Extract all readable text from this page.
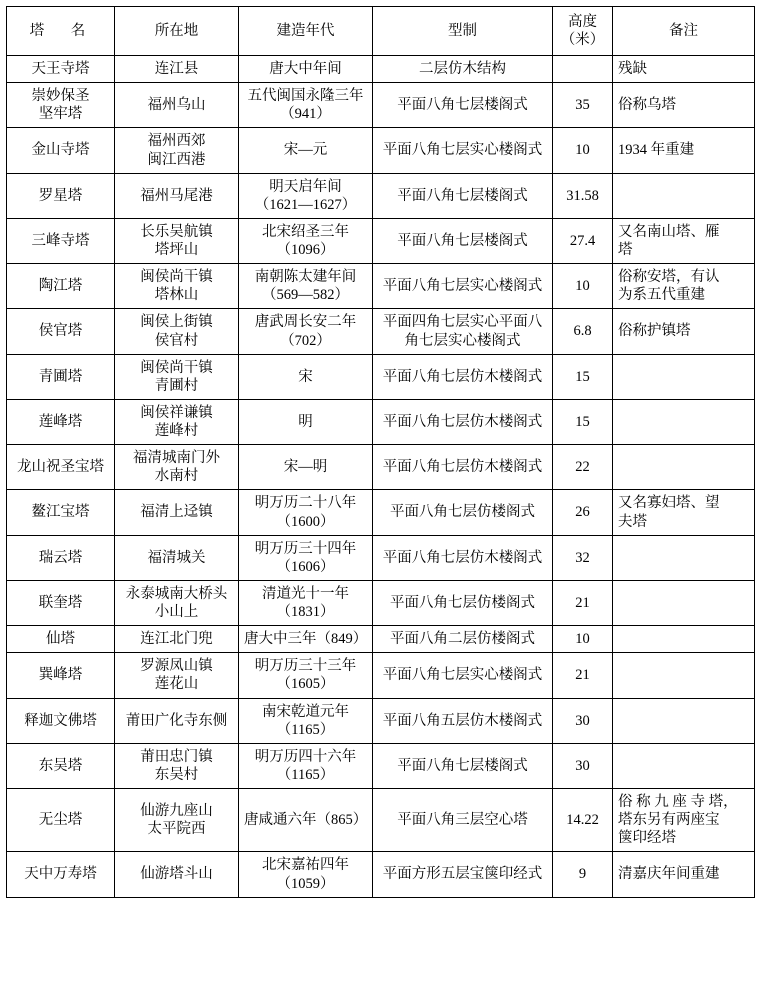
塔　名	所在地	建造年代	型制	高度
（米）	备注

天王寺塔	连江县	唐大中年间	二层仿木结构		残缺

崇妙保圣
坚牢塔	福州乌山	五代闽国永隆三年
（941）	平面八角七层楼阁式	35	俗称乌塔

金山寺塔	福州西郊
闽江西港	宋—元	平面八角七层实心楼阁式	10	1934 年重建

罗星塔	福州马尾港	明天启年间
（1621—1627）	平面八角七层楼阁式	31.58	

三峰寺塔	长乐吴航镇
塔坪山	北宋绍圣三年
（1096）	平面八角七层楼阁式	27.4	又名南山塔、雁
塔

陶江塔	闽侯尚干镇
塔林山	南朝陈太建年间
（569—582）	平面八角七层实心楼阁式	10	俗称安塔，有认
为系五代重建

侯官塔	闽侯上街镇
侯官村	唐武周长安二年
（702）	平面四角七层实心平面八
角七层实心楼阁式	6.8	俗称护镇塔

青圃塔	闽侯尚干镇
青圃村	宋	平面八角七层仿木楼阁式	15	

莲峰塔	闽侯祥谦镇
莲峰村	明	平面八角七层仿木楼阁式	15	

龙山祝圣宝塔	福清城南门外
水南村	宋—明	平面八角七层仿木楼阁式	22	

鳌江宝塔	福清上迳镇	明万历二十八年
（1600）	平面八角七层仿楼阁式	26	又名寡妇塔、望
夫塔

瑞云塔	福清城关	明万历三十四年
（1606）	平面八角七层仿木楼阁式	32	

联奎塔	永泰城南大桥头
小山上	清道光十一年
（1831）	平面八角七层仿楼阁式	21	

仙塔	连江北门兜	唐大中三年（849）	平面八角二层仿楼阁式	10	

巽峰塔	罗源凤山镇
莲花山	明万历三十三年
（1605）	平面八角七层实心楼阁式	21	

释迦文佛塔	莆田广化寺东侧	南宋乾道元年
（1165）	平面八角五层仿木楼阁式	30	

东吴塔	莆田忠门镇
东吴村	明万历四十六年
（1165）	平面八角七层楼阁式	30	

无尘塔	仙游九座山
太平院西	唐咸通六年（865）	平面八角三层空心塔	14.22	俗 称 九 座 寺 塔，
塔东另有两座宝
箧印经塔

天中万寿塔	仙游塔斗山	北宋嘉祐四年
（1059）	平面方形五层宝箧印经式	9	清嘉庆年间重建
